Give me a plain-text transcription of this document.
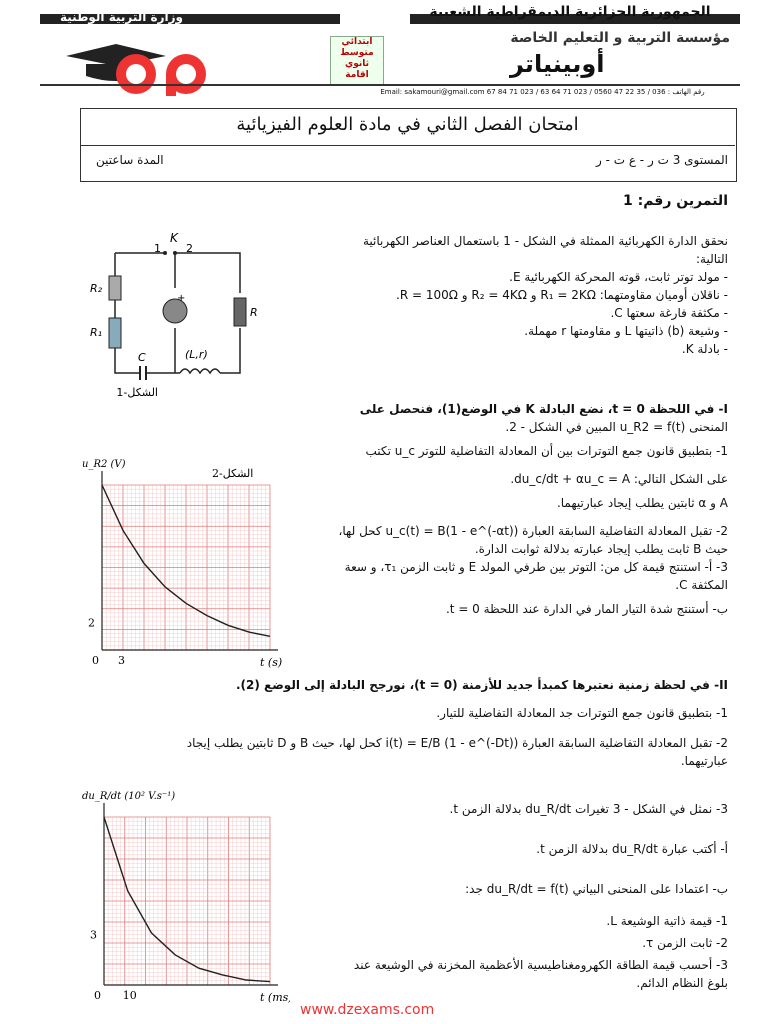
وزارة التربية الوطنية	الجمهورية الجزائرية الديمقراطية الشعبية
ابتدائي
متوسط
ثانوي
اقامة
مؤسسة التربية و التعليم الخاصة
أوبينياتر
رقم الهاتف : 036 / 35 22 47 0560 / 023 71 64 63 / 023 71 84 67 Email: sakamouri@gmail.com
امتحان الفصل الثاني في مادة العلوم الفيزيائية
المستوى 3 ت ر - ع ت - ر
المدة ساعتين
التمرين رقم: 1
K
1 2
R₂
R₁
R
C	(L,r)
+
الشكل-1
نحقق الدارة الكهربائية الممثلة في الشكل - 1 باستعمال العناصر الكهربائية
التالية:
- مولد توتر ثابت، قوته المحركة الكهربائية E.
- ناقلان أوميان مقاومتهما: R₁ = 2KΩ و R₂ = 4KΩ و R = 100Ω.
- مكثفة فارغة سعتها C.
- وشيعة (b) ذاتيتها L و مقاومتها r مهملة.
- بادلة K.
I- في اللحظة t = 0، نضع البادلة K في الوضع(1)، فنحصل على
المنحنى u_R2 = f(t) المبين في الشكل - 2.
1- بتطبيق قانون جمع التوترات بين أن المعادلة التفاضلية للتوتر u_c تكتب
على الشكل التالي: du_c/dt + αu_c = A.
A و α ثابتين يطلب إيجاد عبارتيهما.
2- تقبل المعادلة التفاضلية السابقة العبارة u_c(t) = B(1 - e^(-αt)) كحل لها،
حيث B ثابت يطلب إيجاد عبارته بدلالة ثوابت الدارة.
3- أ- استنتج قيمة كل من: التوتر بين طرفي المولد E و ثابت الزمن τ₁، و سعة
المكثفة C.
ب- أستنتج شدة التيار المار في الدارة عند اللحظة t = 0.
II- في لحظة زمنية نعتبرها كمبدأ جديد للأزمنة (t = 0)، نورجح البادلة إلى الوضع (2).
1- بتطبيق قانون جمع التوترات جد المعادلة التفاضلية للتيار.
2- تقبل المعادلة التفاضلية السابقة العبارة i(t) = E/B (1 - e^(-Dt)) كحل لها، حيث B و D ثابتين يطلب إيجاد
عبارتيهما.
3- نمثل في الشكل - 3 تغيرات du_R/dt بدلالة الزمن t.
أ- أكتب عبارة du_R/dt بدلالة الزمن t.
ب- اعتمادا على المنحنى البياني du_R/dt = f(t) جد:
1- قيمة ذاتية الوشيعة L.
2- ثابت الزمن τ.
3- أحسب قيمة الطاقة الكهرومغناطيسية الأعظمية المخزنة في الوشيعة عند
بلوغ النظام الدائم.
0 3
2
t (s)
u_R2 (V)
الشكل-2
0 10
3
t (ms)
du_R/dt (10² V.s⁻¹)
www.dzexams.com
